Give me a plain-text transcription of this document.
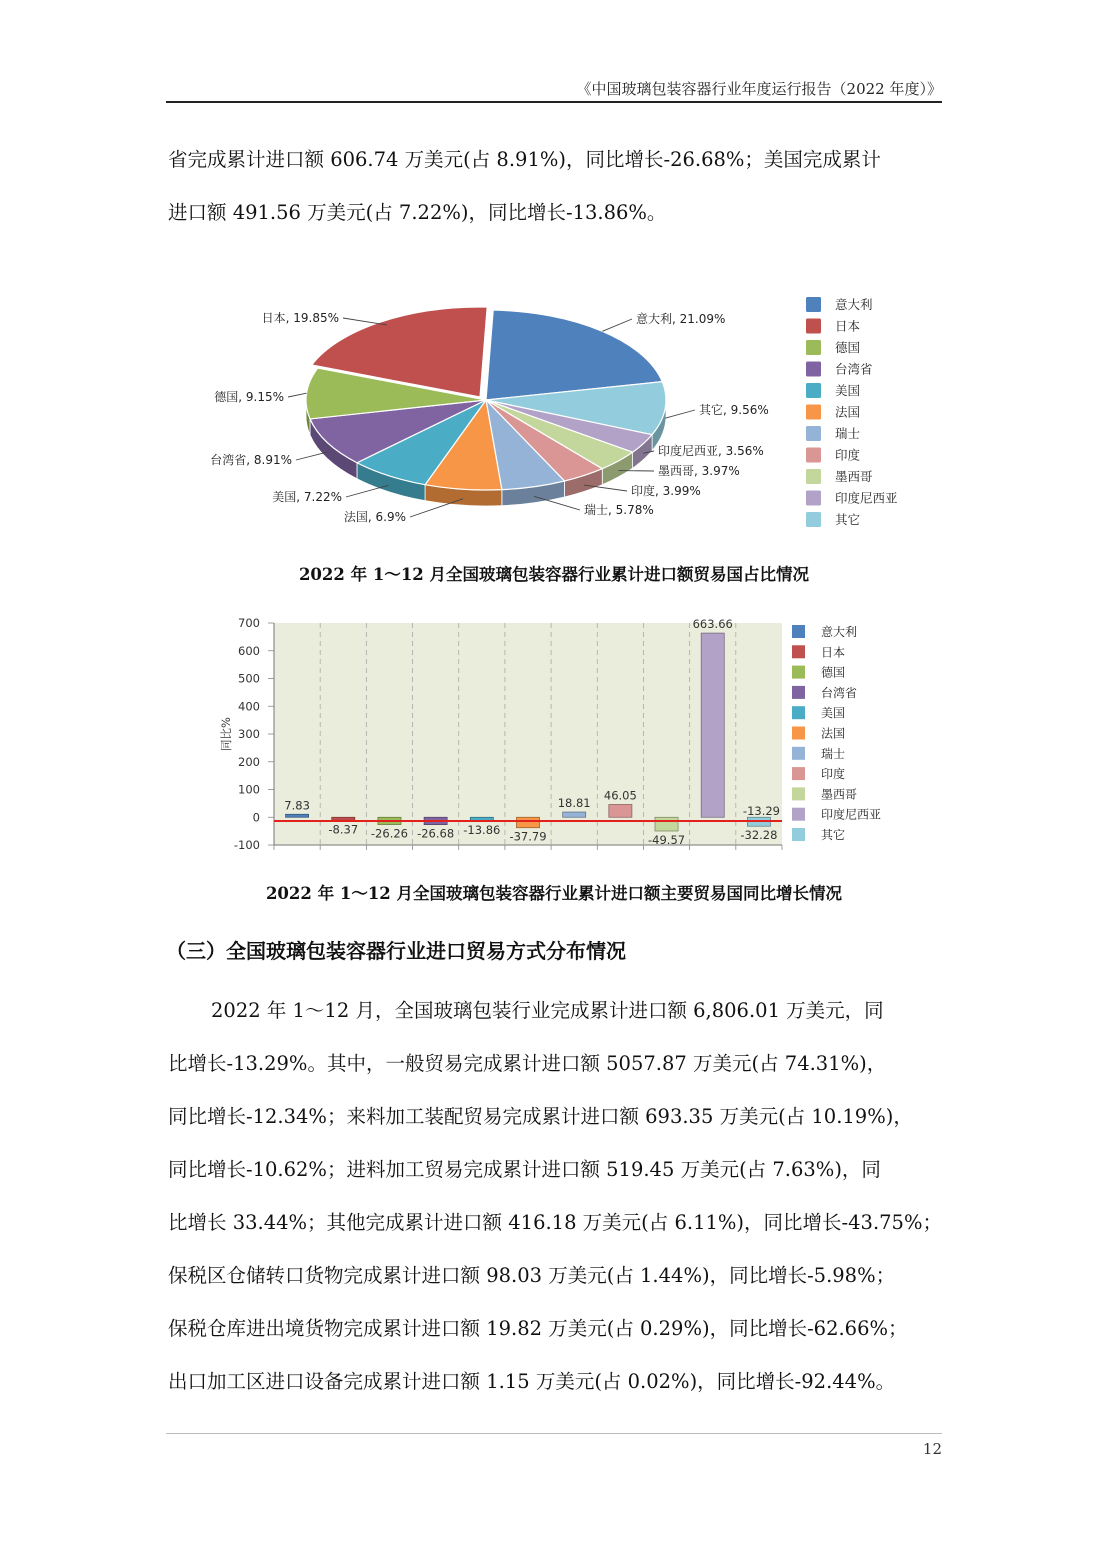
《中国玻璃包装容器行业年度运行报告（2022 年度）》
省完成累计进口额 606.74 万美元(占 8.91%)，同比增长-26.68%；美国完成累计
进口额 491.56 万美元(占 7.22%)，同比增长-13.86%。
意大利, 21.09%
其它, 9.56%
印度尼西亚, 3.56%
墨西哥, 3.97%
印度, 3.99%
瑞士, 5.78%
法国, 6.9%
美国, 7.22%
台湾省, 8.91%
德国, 9.15%
日本, 19.85%
意大利
日本
德国
台湾省
美国
法国
瑞士
印度
墨西哥
印度尼西亚
其它
2022 年 1～12 月全国玻璃包装容器行业累计进口额贸易国占比情况
700
600
500
400
300
200
100
0
-100
同比%
7.83
-8.37 -26.26 -26.68 -13.86 -37.79
18.81
46.05
-49.57
663.66
-32.28
-13.29
意大利
日本
德国
台湾省
美国
法国
瑞士
印度
墨西哥
印度尼西亚
其它
2022 年 1～12 月全国玻璃包装容器行业累计进口额主要贸易国同比增长情况
（三）全国玻璃包装容器行业进口贸易方式分布情况
2022 年 1～12 月，全国玻璃包装行业完成累计进口额 6,806.01 万美元，同
比增长-13.29%。其中，一般贸易完成累计进口额 5057.87 万美元(占 74.31%)，
同比增长-12.34%；来料加工装配贸易完成累计进口额 693.35 万美元(占 10.19%)，
同比增长-10.62%；进料加工贸易完成累计进口额 519.45 万美元(占 7.63%)，同
比增长 33.44%；其他完成累计进口额 416.18 万美元(占 6.11%)，同比增长-43.75%；
保税区仓储转口货物完成累计进口额 98.03 万美元(占 1.44%)，同比增长-5.98%；
保税仓库进出境货物完成累计进口额 19.82 万美元(占 0.29%)，同比增长-62.66%；
出口加工区进口设备完成累计进口额 1.15 万美元(占 0.02%)，同比增长-92.44%。
12
